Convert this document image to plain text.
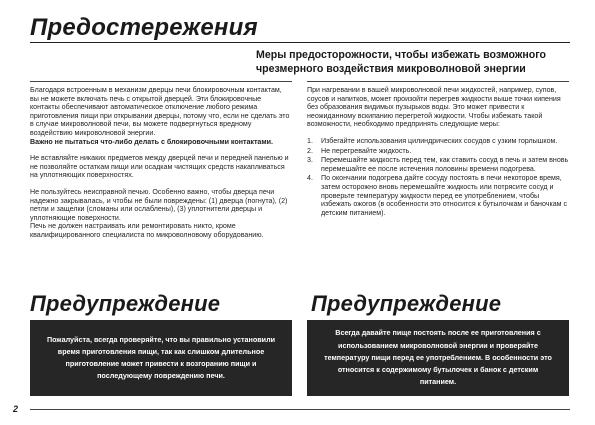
Предостережения
Меры предосторожности, чтобы избежать возможного чрезмерного воздействия микроволновой энергии

Благодаря встроенным в механизм дверцы печи блокировочным контактам, вы не можете включать печь с открытой дверцей. Эти блокировочные контакты обеспечивают автоматическое отключение любого режима приготовления пищи при открывании дверцы, потому что, если не сделать это в случае микроволновой печи, вы можете подвергнуться вредному воздействию микроволновой энергии.

Важно не пытаться что-либо делать с блокировочными контактами.

Не вставляйте никаких предметов между дверцей печи и передней панелью и не позволяйте остаткам пищи или осадкам чистящих средств накапливаться на уплотняющих поверхностях.

Не пользуйтесь неисправной печью. Особенно важно, чтобы дверца печи надежно закрывалась, и чтобы не были повреждены: (1) дверца (погнута), (2) петли и защелки (сломаны или ослаблены), (3) уплотнители дверцы и уплотняющие поверхности.

Печь не должен настраивать или ремонтировать никто, кроме квалифицированного специалиста по микроволновому оборудованию.

При нагревании в вашей микроволновой печи жидкостей, например, супов, соусов и напитков, может произойти перегрев жидкости выше точки кипения без образования видимых пузырьков воды. Это может привести к неожиданному вскипанию перегретой жидкости. Чтобы избежать такой возможности, необходимо предпринять следующие меры:

1.	Избегайте использования цилиндрических сосудов с узким горлышком.
2.	Не перегревайте жидкость.
3.	Перемешайте жидкость перед тем, как ставить сосуд в печь и затем вновь перемешайте ее после истечения половины времени подогрева.
4.	По окончании подогрева дайте сосуду постоять в печи некоторое время, затем осторожно вновь перемешайте жидкость или потрясите сосуд и проверьте температуру жидкости перед ее употреблением, чтобы избежать ожогов (в особенности это относится к бутылочкам и баночкам с детским питанием).
Предупреждение	Предупреждение
Пожалуйста, всегда проверяйте, что вы правильно установили время приготовления пищи, так как слишком длительное приготовление может привести к возгоранию пищи и последующему повреждению печи.
Всегда давайте пище постоять после ее приготовления с использованием микроволновой энергии и проверяйте температуру пищи перед ее употреблением. В особенности это относится к содержимому бутылочек и банок с детским питанием.
2
